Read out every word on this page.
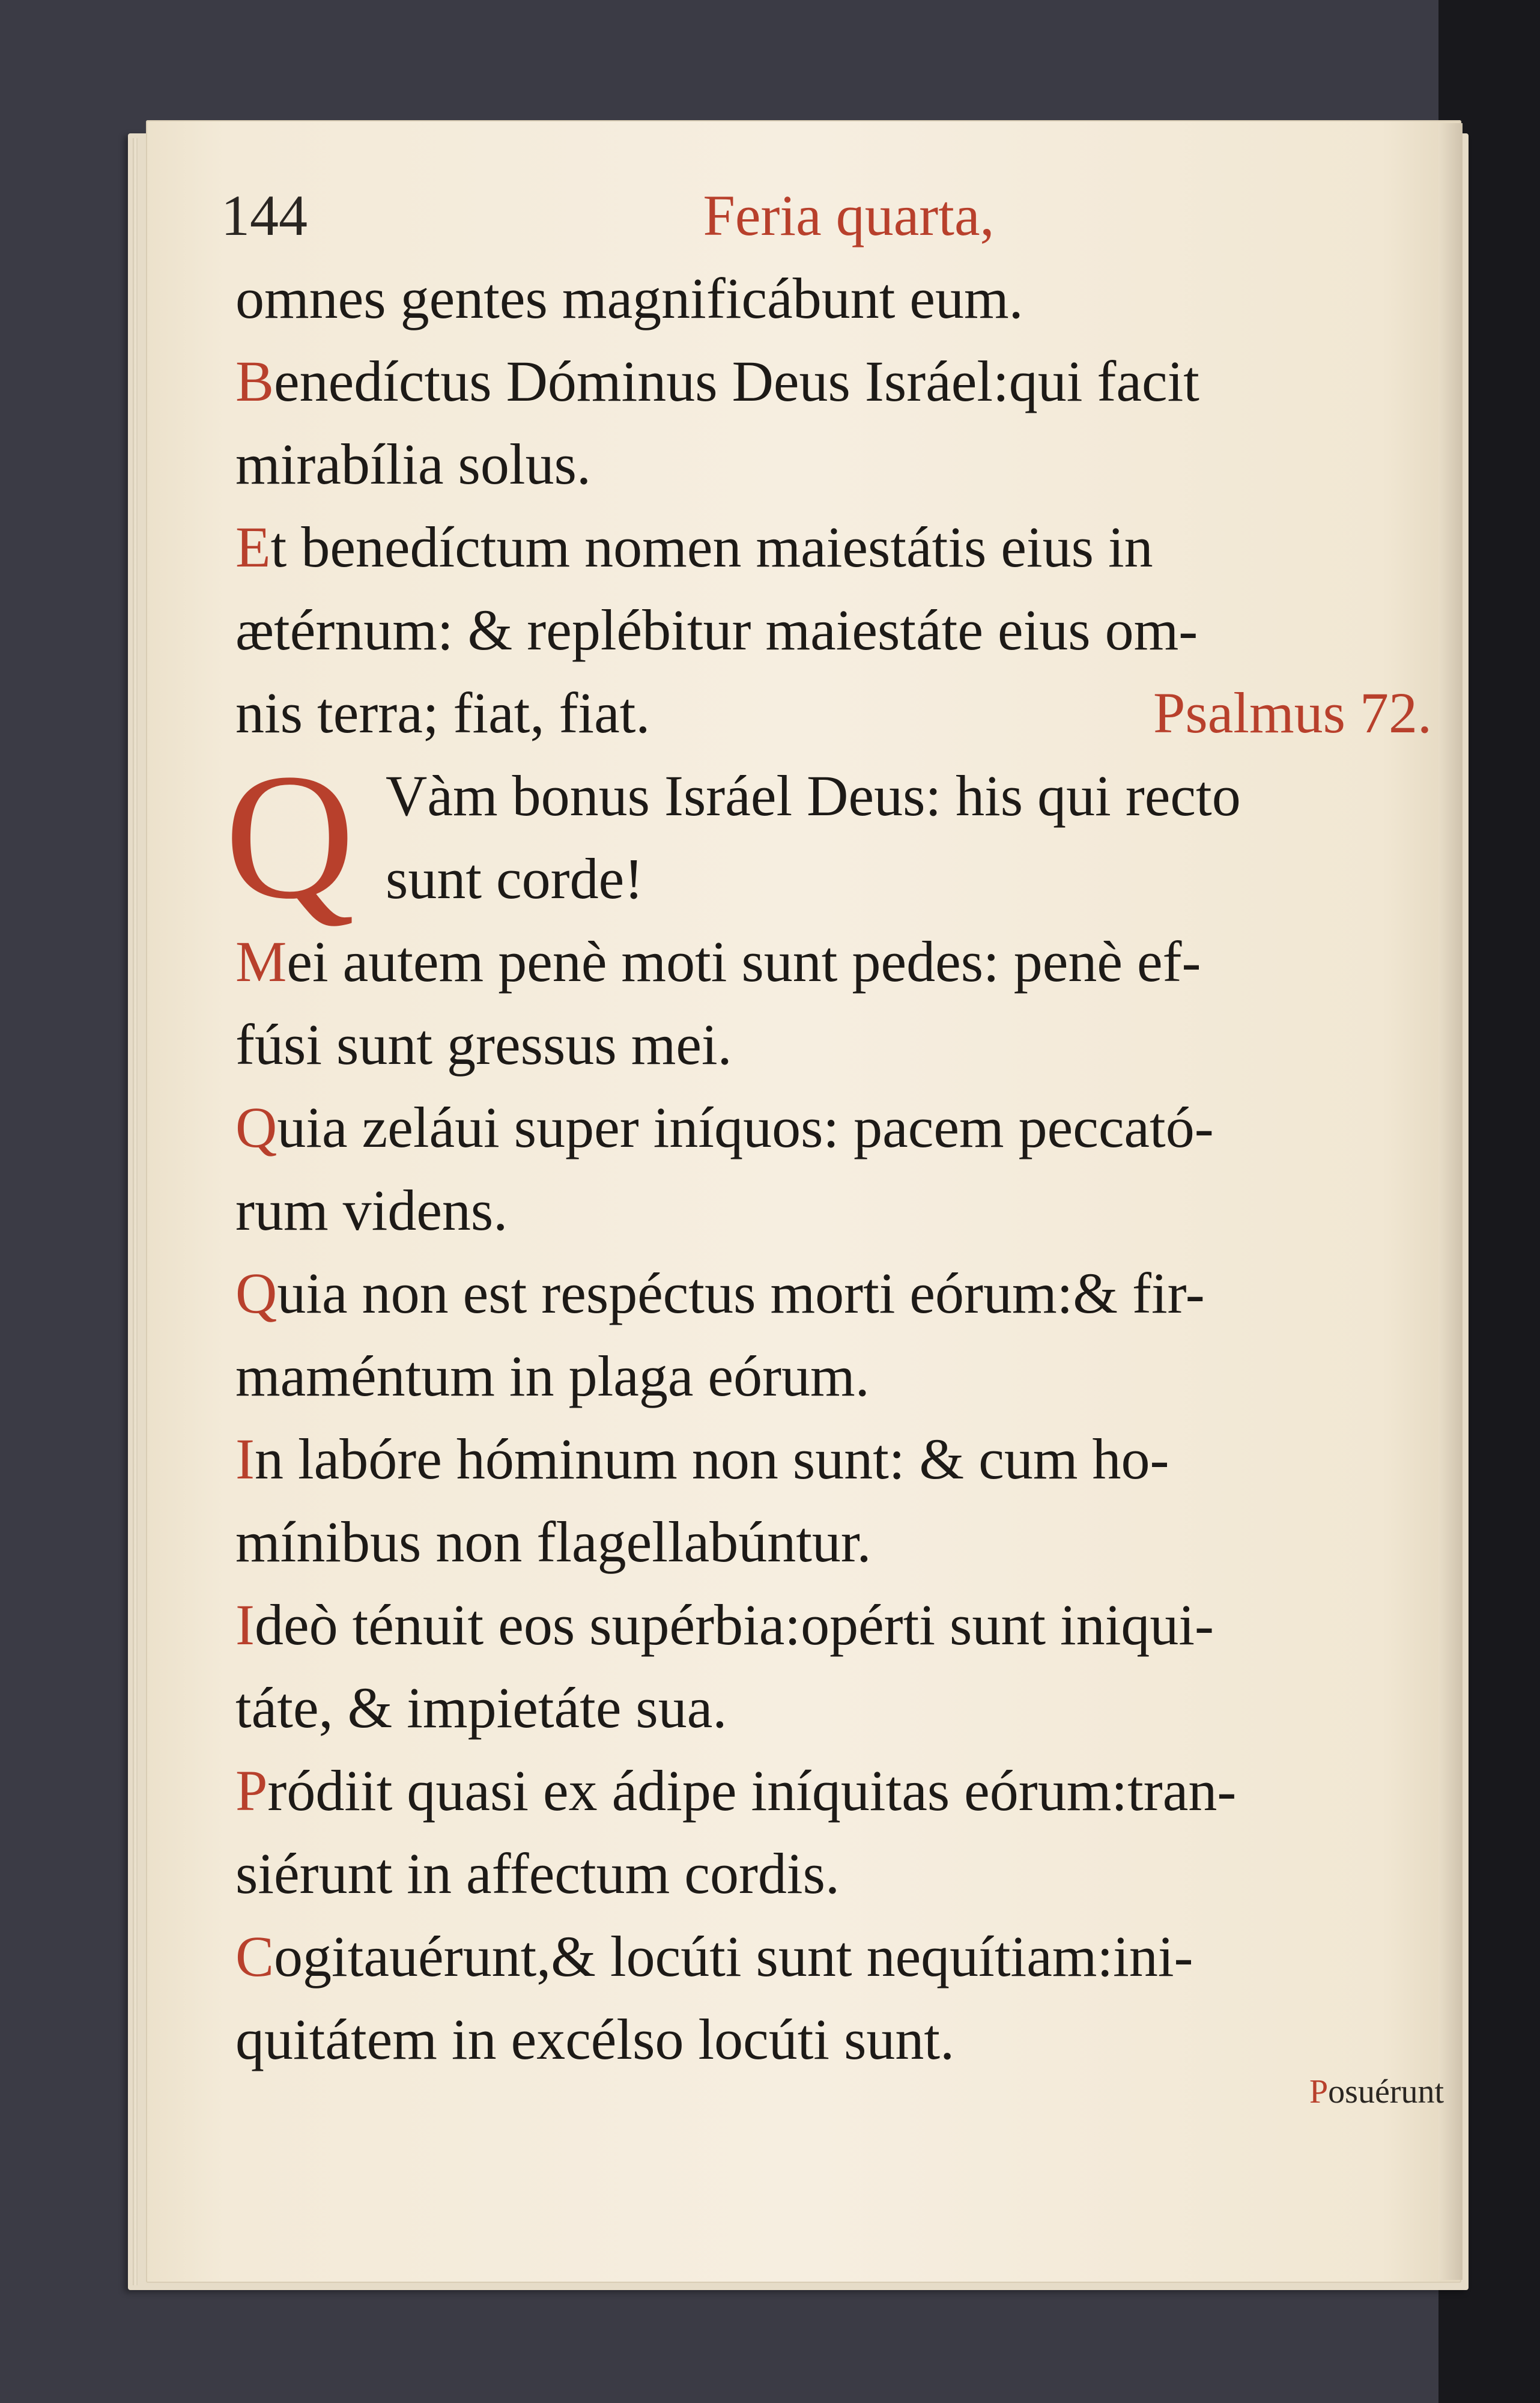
144	Feria quarta,
omnes gentes magnificábunt eum.
Benedíctus Dóminus Deus Isráel:qui facit
mirabília solus.
Et benedíctum nomen maiestátis eius in
ætérnum: & replébitur maiestáte eius om-
nis terra; fiat, fiat.	Psalmus 72.
Q Vàm bonus Isráel Deus: his qui recto
sunt corde!
Mei autem penè moti sunt pedes: penè ef-
fúsi sunt gressus mei.
Quia zeláui super iníquos: pacem peccató-
rum videns.
Quia non est respéctus morti eórum:& fir-
maméntum in plaga eórum.
In labóre hóminum non sunt: & cum ho-
mínibus non flagellabúntur.
Ideò ténuit eos supérbia:opérti sunt iniqui-
táte, & impietáte sua.
Pródiit quasi ex ádipe iníquitas eórum:tran-
siérunt in affectum cordis.
Cogitauérunt,& locúti sunt nequítiam:ini-
quitátem in excélso locúti sunt.
Posuérunt
